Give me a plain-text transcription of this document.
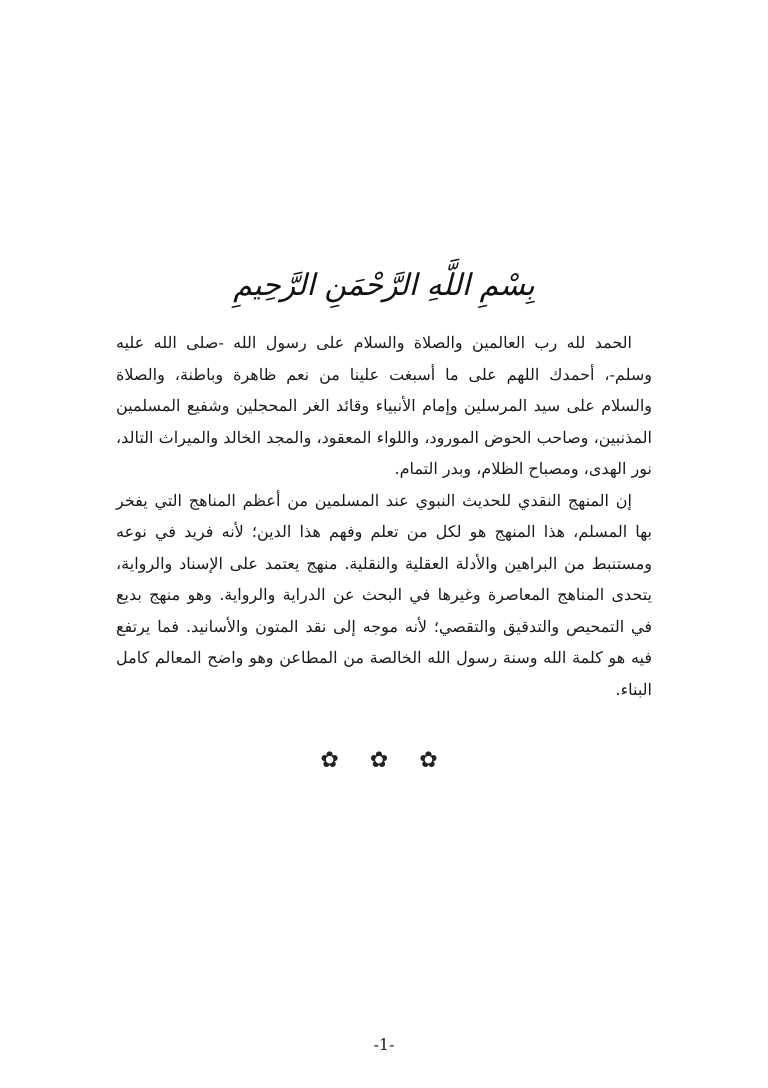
بِسْمِ اللَّهِ الرَّحْمَنِ الرَّحِيمِ

الحمد لله رب العالمين والصلاة والسلام على رسول الله -صلى الله عليه وسلم-، أحمدك اللهم على ما أسبغت علينا من نعم ظاهرة وباطنة، والصلاة والسلام على سيد المرسلين وإمام الأنبياء وقائد الغر المحجلين وشفيع المسلمين المذنبين، وصاحب الحوض المورود، واللواء المعقود، والمجد الخالد والميراث التالد، نور الهدى، ومصباح الظلام، وبدر التمام.

إن المنهج النقدي للحديث النبوي عند المسلمين من أعظم المناهج التي يفخر بها المسلم، هذا المنهج هو لكل من تعلم وفهم هذا الدين؛ لأنه فريد في نوعه ومستنبط من البراهين والأدلة العقلية والنقلية. منهج يعتمد على الإسناد والرواية، يتحدى المناهج المعاصرة وغيرها في البحث عن الدراية والرواية. وهو منهج بديع في التمحيص والتدقيق والتقصي؛ لأنه موجه إلى نقد المتون والأسانيد. فما يرتفع فيه هو كلمة الله وسنة رسول الله الخالصة من المطاعن وهو واضح المعالم كامل البناء.

✿ ✿ ✿
-1-
